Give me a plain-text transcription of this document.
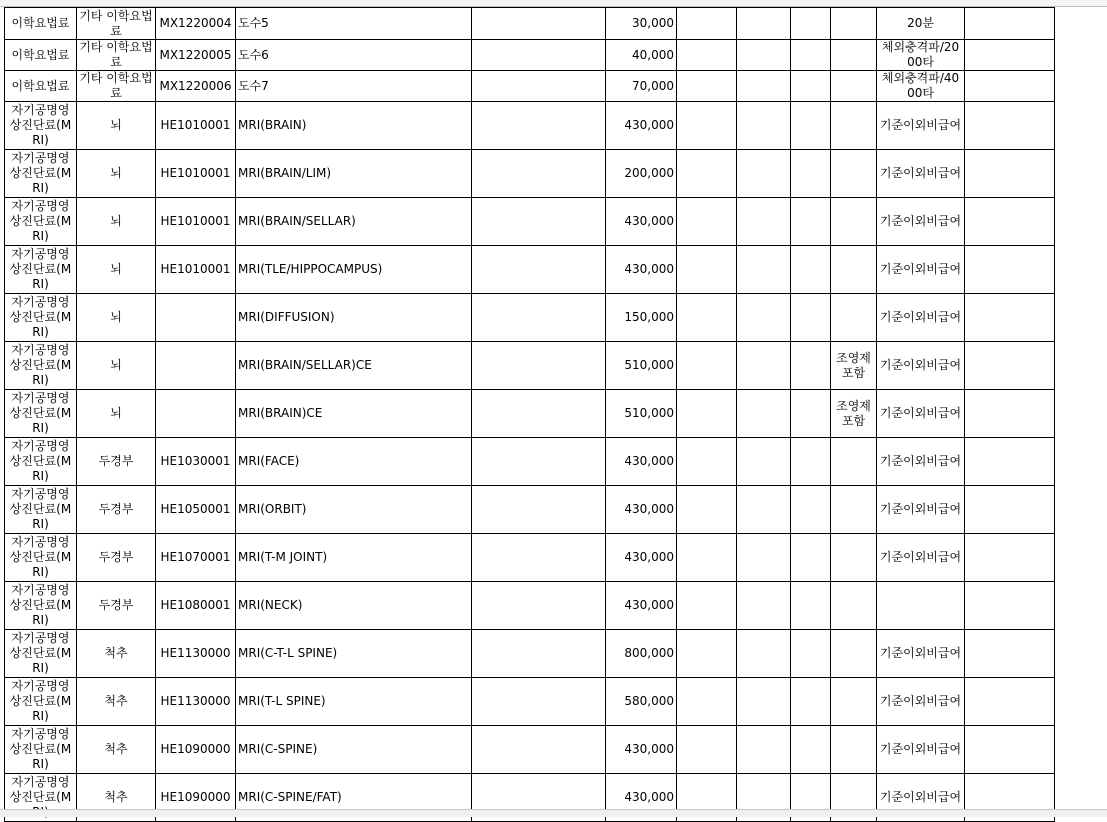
이학요법료	기타 이학요법료	MX1220004	도수5		30,000					20분	
이학요법료	기타 이학요법료	MX1220005	도수6		40,000					체외충격파/2000타	
이학요법료	기타 이학요법료	MX1220006	도수7		70,000					체외충격파/4000타	
자기공명영상진단료(MRI)	뇌	HE1010001	MRI(BRAIN)		430,000					기준이외비급여	
자기공명영상진단료(MRI)	뇌	HE1010001	MRI(BRAIN/LIM)		200,000					기준이외비급여	
자기공명영상진단료(MRI)	뇌	HE1010001	MRI(BRAIN/SELLAR)		430,000					기준이외비급여	
자기공명영상진단료(MRI)	뇌	HE1010001	MRI(TLE/HIPPOCAMPUS)		430,000					기준이외비급여	
자기공명영상진단료(MRI)	뇌		MRI(DIFFUSION)		150,000					기준이외비급여	
자기공명영상진단료(MRI)	뇌		MRI(BRAIN/SELLAR)CE		510,000				조영제포함	기준이외비급여	
자기공명영상진단료(MRI)	뇌		MRI(BRAIN)CE		510,000				조영제포함	기준이외비급여	
자기공명영상진단료(MRI)	두경부	HE1030001	MRI(FACE)		430,000					기준이외비급여	
자기공명영상진단료(MRI)	두경부	HE1050001	MRI(ORBIT)		430,000					기준이외비급여	
자기공명영상진단료(MRI)	두경부	HE1070001	MRI(T-M JOINT)		430,000					기준이외비급여	
자기공명영상진단료(MRI)	두경부	HE1080001	MRI(NECK)		430,000						
자기공명영상진단료(MRI)	척추	HE1130000	MRI(C-T-L SPINE)		800,000					기준이외비급여	
자기공명영상진단료(MRI)	척추	HE1130000	MRI(T-L SPINE)		580,000					기준이외비급여	
자기공명영상진단료(MRI)	척추	HE1090000	MRI(C-SPINE)		430,000					기준이외비급여	
자기공명영상진단료(M	척추	HE1090000	MRI(C-SPINE/FAT)		430,000					기준이외비급여	
